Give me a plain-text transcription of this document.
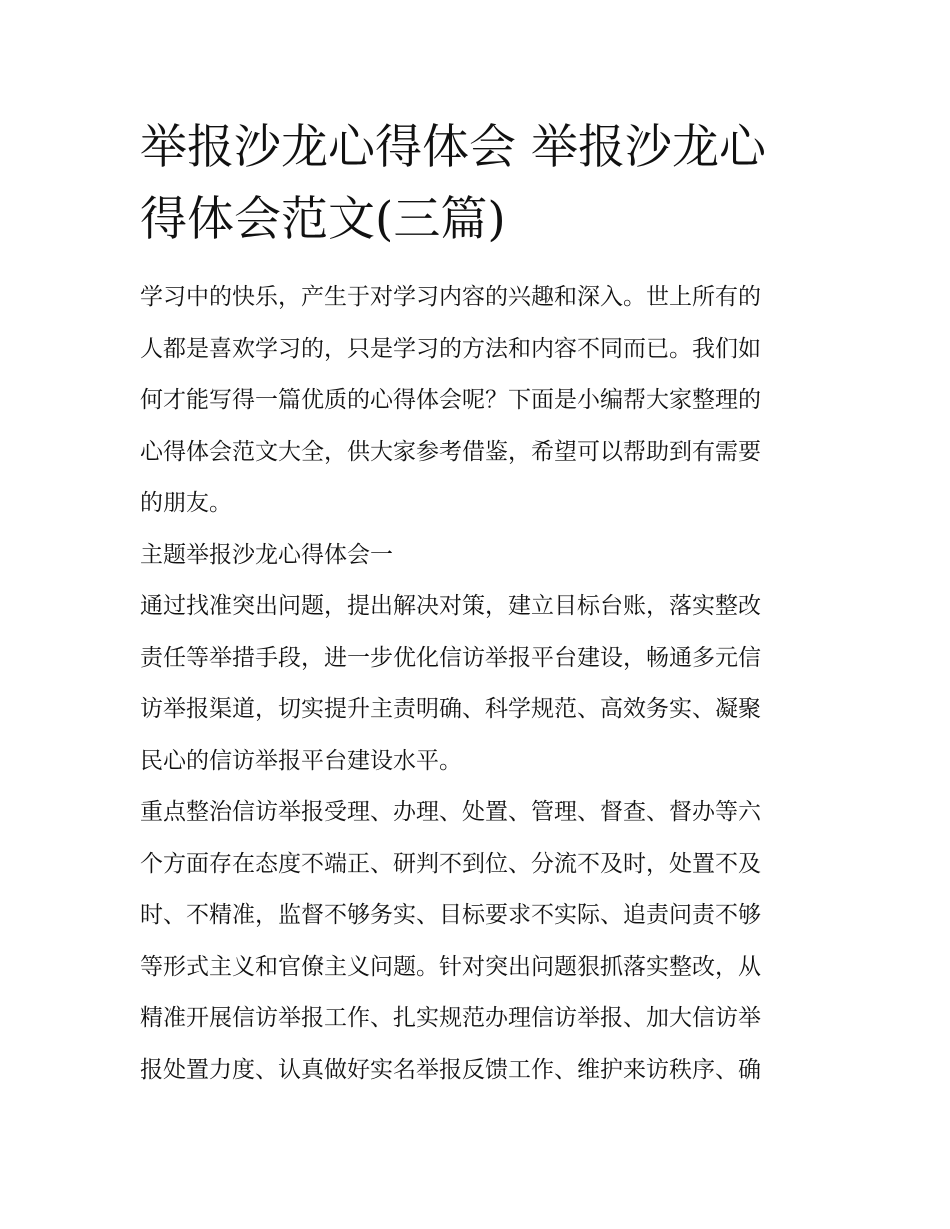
举报沙龙心得体会 举报沙龙心
得体会范文(三篇)

学习中的快乐，产生于对学习内容的兴趣和深入。世上所有的
人都是喜欢学习的，只是学习的方法和内容不同而已。我们如
何才能写得一篇优质的心得体会呢？下面是小编帮大家整理的
心得体会范文大全，供大家参考借鉴，希望可以帮助到有需要
的朋友。

主题举报沙龙心得体会一

通过找准突出问题，提出解决对策，建立目标台账，落实整改
责任等举措手段，进一步优化信访举报平台建设，畅通多元信
访举报渠道，切实提升主责明确、科学规范、高效务实、凝聚
民心的信访举报平台建设水平。

重点整治信访举报受理、办理、处置、管理、督查、督办等六
个方面存在态度不端正、研判不到位、分流不及时，处置不及
时、不精准，监督不够务实、目标要求不实际、追责问责不够
等形式主义和官僚主义问题。针对突出问题狠抓落实整改，从
精准开展信访举报工作、扎实规范办理信访举报、加大信访举
报处置力度、认真做好实名举报反馈工作、维护来访秩序、确
